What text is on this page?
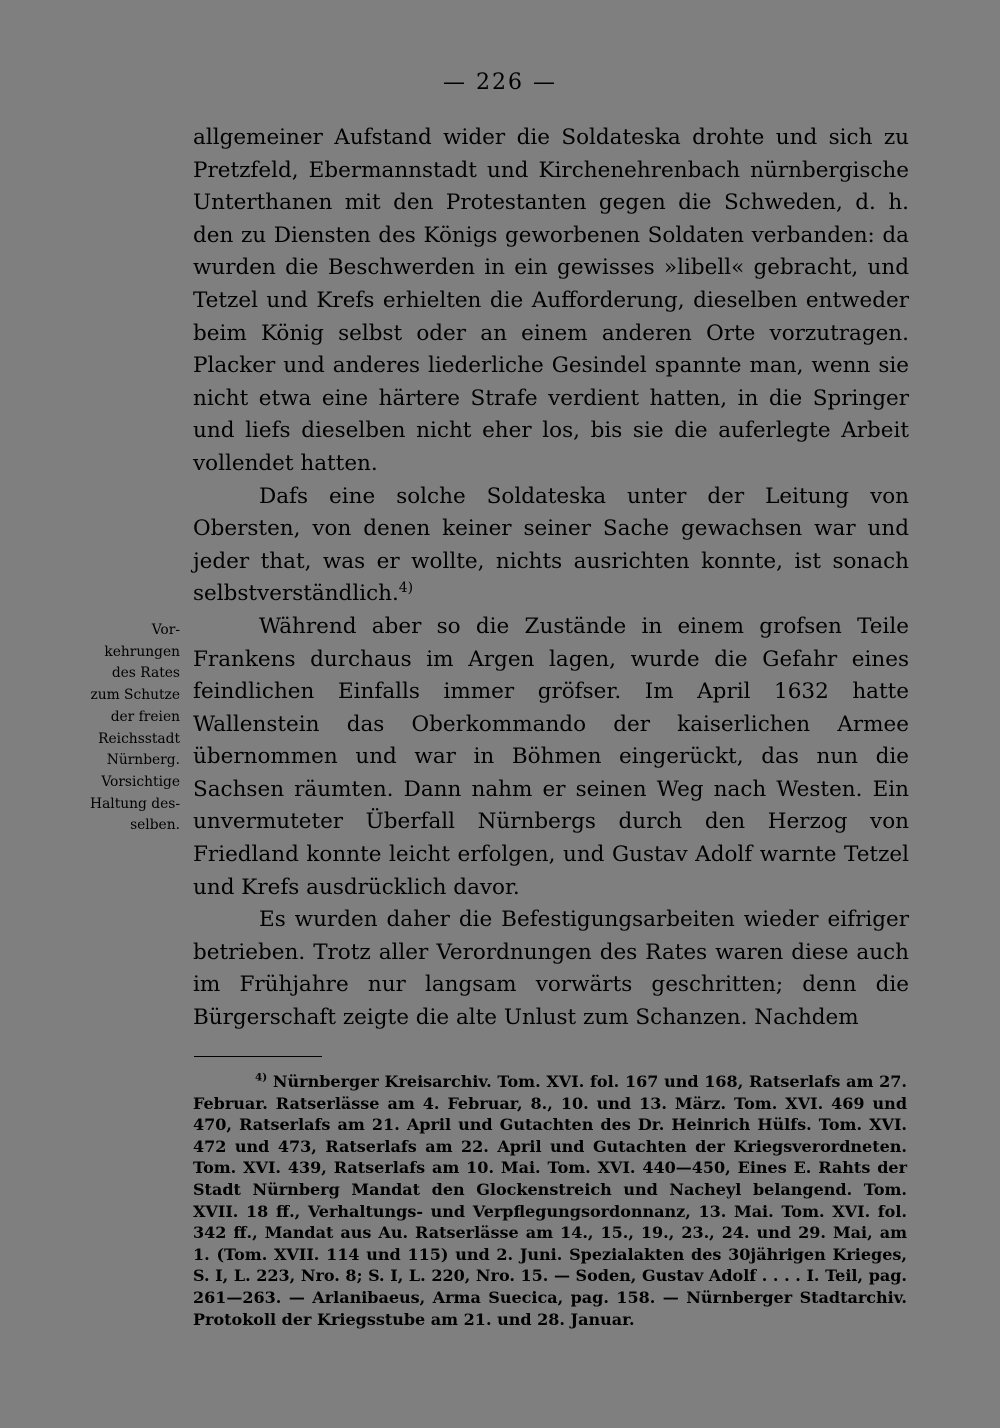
— 226 —

allgemeiner Aufstand wider die Soldateska drohte und sich zu Pretzfeld, Ebermannstadt und Kirchenehrenbach nürnbergische Unterthanen mit den Protestanten gegen die Schweden, d. h. den zu Diensten des Königs geworbenen Soldaten verbanden: da wurden die Beschwerden in ein gewisses »libell« gebracht, und Tetzel und Krefs erhielten die Aufforderung, dieselben entweder beim König selbst oder an einem anderen Orte vorzutragen. Placker und anderes liederliche Gesindel spannte man, wenn sie nicht etwa eine härtere Strafe verdient hatten, in die Springer und liefs dieselben nicht eher los, bis sie die auferlegte Arbeit vollendet hatten.

Dafs eine solche Soldateska unter der Leitung von Obersten, von denen keiner seiner Sache gewachsen war und jeder that, was er wollte, nichts ausrichten konnte, ist sonach selbstverständlich.$^{4)}$

Während aber so die Zustände in einem grofsen Teile Frankens durchaus im Argen lagen, wurde die Gefahr eines feindlichen Einfalls immer gröfser. Im April 1632 hatte Wallenstein das Oberkommando der kaiserlichen Armee übernommen und war in Böhmen eingerückt, das nun die Sachsen räumten. Dann nahm er seinen Weg nach Westen. Ein unvermuteter Überfall Nürnbergs durch den Herzog von Friedland konnte leicht erfolgen, und Gustav Adolf warnte Tetzel und Krefs ausdrücklich davor.

Es wurden daher die Befestigungsarbeiten wieder eifriger betrieben. Trotz aller Verordnungen des Rates waren diese auch im Frühjahre nur langsam vorwärts geschritten; denn die Bürgerschaft zeigte die alte Unlust zum Schanzen. Nachdem

Vor-
kehrungen
des Rates
zum Schutze
der freien
Reichsstadt
Nürnberg.
Vorsichtige
Haltung des-
selben.

$^{4)}$ Nürnberger Kreisarchiv. Tom. XVI. fol. 167 und 168, Ratserlafs am 27. Februar. Ratserlässe am 4. Februar, 8., 10. und 13. März. Tom. XVI. 469 und 470, Ratserlafs am 21. April und Gutachten des Dr. Heinrich Hülfs. Tom. XVI. 472 und 473, Ratserlafs am 22. April und Gutachten der Kriegsverordneten. Tom. XVI. 439, Ratserlafs am 10. Mai. Tom. XVI. 440—450, Eines E. Rahts der Stadt Nürnberg Mandat den Glockenstreich und Nacheyl belangend. Tom. XVII. 18 ff., Verhaltungs- und Verpflegungsordonnanz, 13. Mai. Tom. XVI. fol. 342 ff., Mandat aus Au. Ratserlässe am 14., 15., 19., 23., 24. und 29. Mai, am 1. (Tom. XVII. 114 und 115) und 2. Juni. Spezialakten des 30jährigen Krieges, S. I, L. 223, Nro. 8; S. I, L. 220, Nro. 15. — Soden, Gustav Adolf . . . . I. Teil, pag. 261—263. — Arlanibaeus, Arma Suecica, pag. 158. — Nürnberger Stadtarchiv. Protokoll der Kriegsstube am 21. und 28. Januar.
